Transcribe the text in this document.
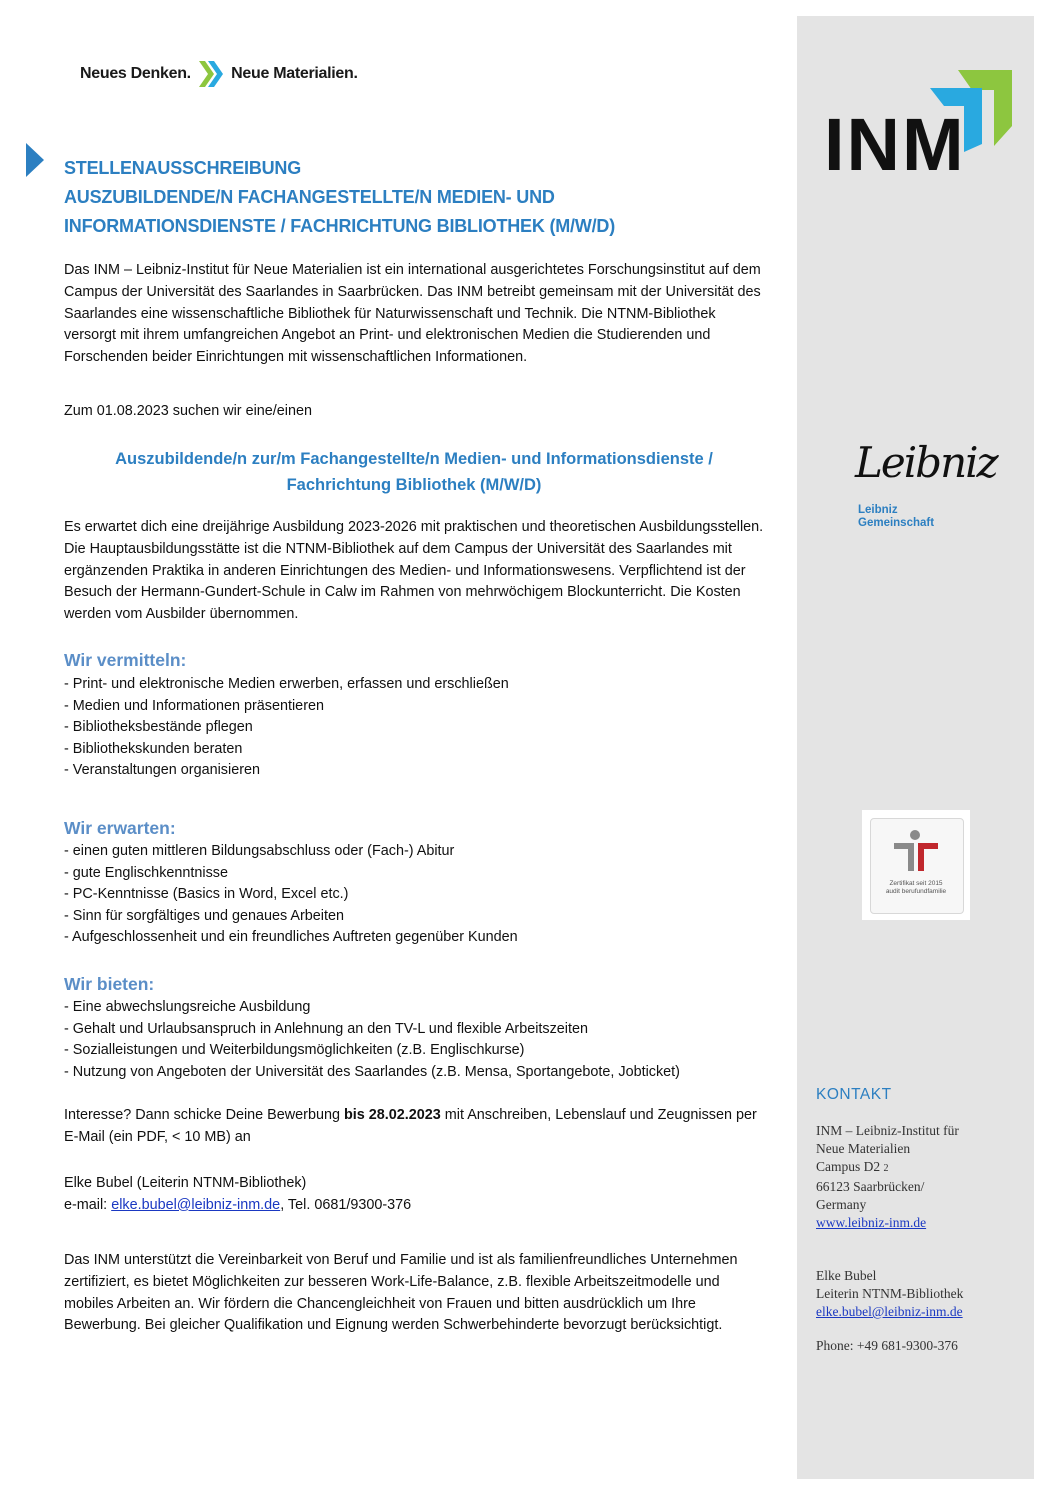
Neues Denken.	Neue Materialien.
STELLENAUSSCHREIBUNG
AUSZUBILDENDE/N FACHANGESTELLTE/N MEDIEN- UND
INFORMATIONSDIENSTE / FACHRICHTUNG BIBLIOTHEK (M/W/D)
Das INM – Leibniz-Institut für Neue Materialien ist ein international ausgerichtetes Forschungsinstitut auf dem Campus der Universität des Saarlandes in Saarbrücken. Das INM betreibt gemeinsam mit der Universität des Saarlandes eine wissenschaftliche Bibliothek für Naturwissenschaft und Technik. Die NTNM-Bibliothek versorgt mit ihrem umfangreichen Angebot an Print- und elektronischen Medien die Studierenden und Forschenden beider Einrichtungen mit wissenschaftlichen Informationen.
Zum 01.08.2023 suchen wir eine/einen
Auszubildende/n zur/m Fachangestellte/n Medien- und Informationsdienste /
Fachrichtung Bibliothek (M/W/D)
Es erwartet dich eine dreijährige Ausbildung 2023-2026 mit praktischen und theoretischen Ausbildungsstellen. Die Hauptausbildungsstätte ist die NTNM-Bibliothek auf dem Campus der Universität des Saarlandes mit ergänzenden Praktika in anderen Einrichtungen des Medien- und Informationswesens. Verpflichtend ist der Besuch der Hermann-Gundert-Schule in Calw im Rahmen von mehrwöchigem Blockunterricht. Die Kosten werden vom Ausbilder übernommen.
Wir vermitteln:
- Print- und elektronische Medien erwerben, erfassen und erschließen
- Medien und Informationen präsentieren
- Bibliotheksbestände pflegen
- Bibliothekskunden beraten
- Veranstaltungen organisieren
Wir erwarten:
- einen guten mittleren Bildungsabschluss oder (Fach-) Abitur
- gute Englischkenntnisse
- PC-Kenntnisse (Basics in Word, Excel etc.)
- Sinn für sorgfältiges und genaues Arbeiten
- Aufgeschlossenheit und ein freundliches Auftreten gegenüber Kunden
Wir bieten:
- Eine abwechslungsreiche Ausbildung
- Gehalt und Urlaubsanspruch in Anlehnung an den TV-L und flexible Arbeitszeiten
- Sozialleistungen und Weiterbildungsmöglichkeiten (z.B. Englischkurse)
- Nutzung von Angeboten der Universität des Saarlandes (z.B. Mensa, Sportangebote, Jobticket)
Interesse? Dann schicke Deine Bewerbung bis 28.02.2023 mit Anschreiben, Lebenslauf und Zeugnissen per E-Mail (ein PDF, < 10 MB) an
Elke Bubel (Leiterin NTNM-Bibliothek)
e-mail: elke.bubel@leibniz-inm.de, Tel. 0681/9300-376
Das INM unterstützt die Vereinbarkeit von Beruf und Familie und ist als familienfreundliches Unternehmen zertifiziert, es bietet Möglichkeiten zur besseren Work-Life-Balance, z.B. flexible Arbeitszeitmodelle und mobiles Arbeiten an. Wir fördern die Chancengleichheit von Frauen und bitten ausdrücklich um Ihre Bewerbung. Bei gleicher Qualifikation und Eignung werden Schwerbehinderte bevorzugt berücksichtigt.
INM
Leibniz
Leibniz
Gemeinschaft
Zertifikat seit 2015
audit berufundfamilie
KONTAKT
INM – Leibniz-Institut für
Neue Materialien
Campus D2 2
66123 Saarbrücken/
Germany
www.leibniz-inm.de
Elke Bubel
Leiterin NTNM-Bibliothek
elke.bubel@leibniz-inm.de
Phone: +49 681-9300-376
